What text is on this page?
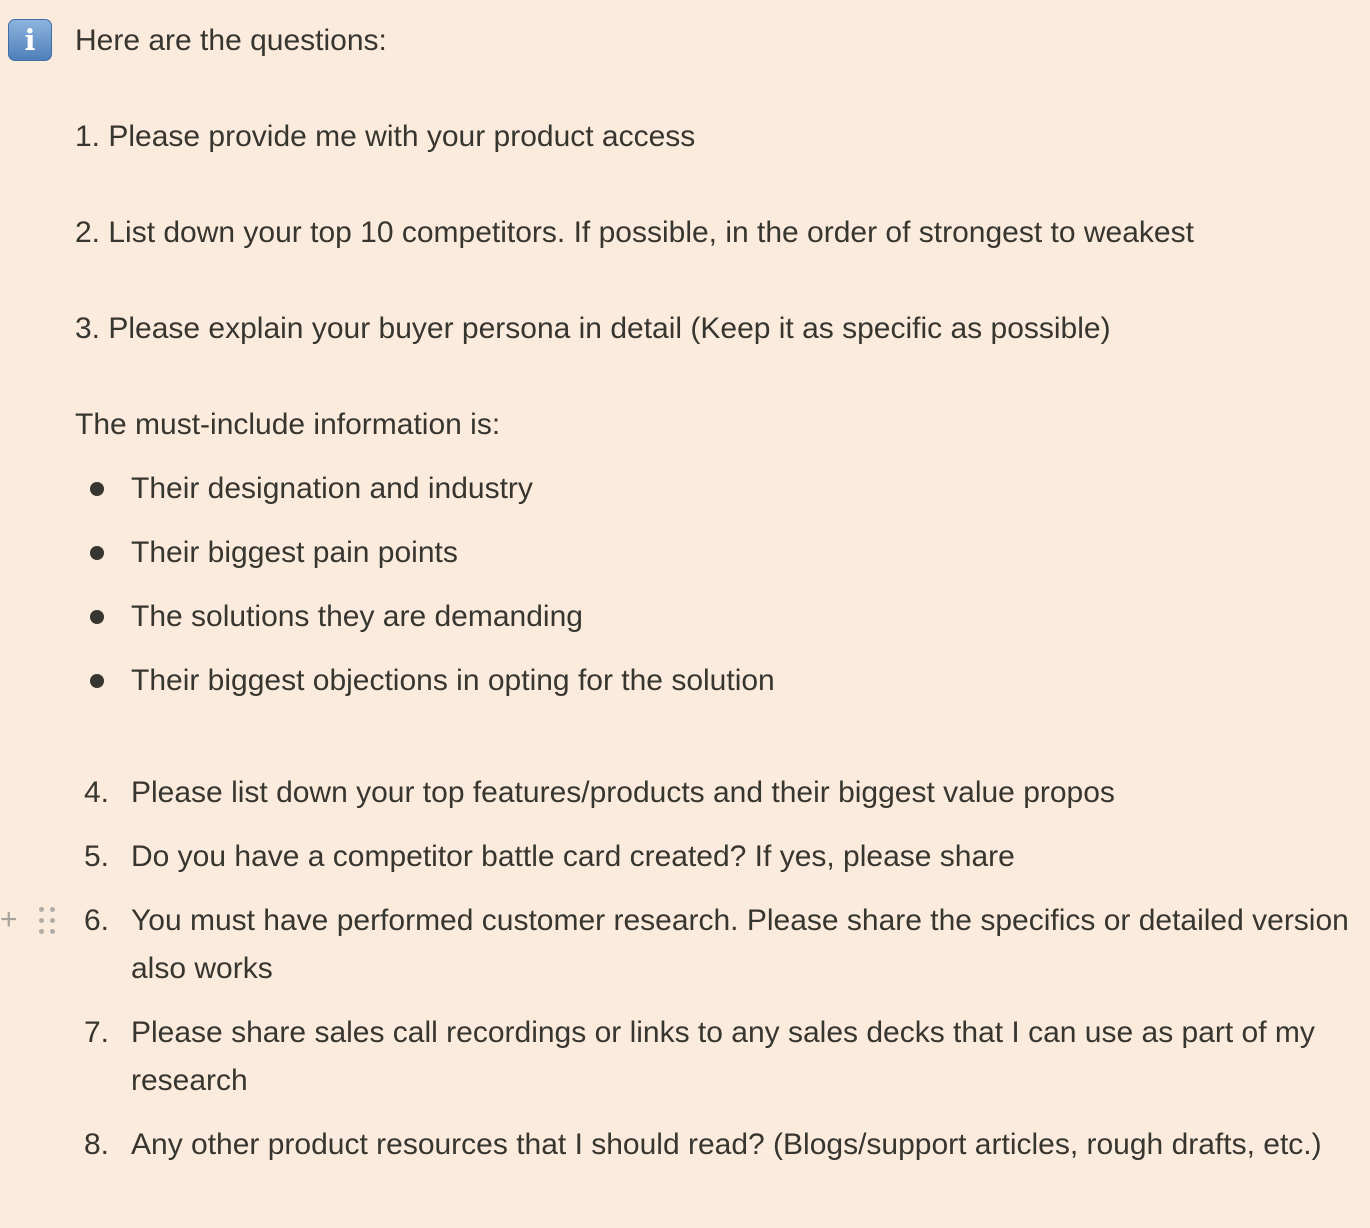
i	Here are the questions:
1. Please provide me with your product access
2. List down your top 10 competitors. If possible, in the order of strongest to weakest
3. Please explain your buyer persona in detail (Keep it as specific as possible)
The must-include information is:
Their designation and industry
Their biggest pain points
The solutions they are demanding
Their biggest objections in opting for the solution
4. Please list down your top features/products and their biggest value propos
5. Do you have a competitor battle card created? If yes, please share
6. You must have performed customer research. Please share the specifics or detailed version also works
7. Please share sales call recordings or links to any sales decks that I can use as part of my research
8. Any other product resources that I should read? (Blogs/support articles, rough drafts, etc.)
+
